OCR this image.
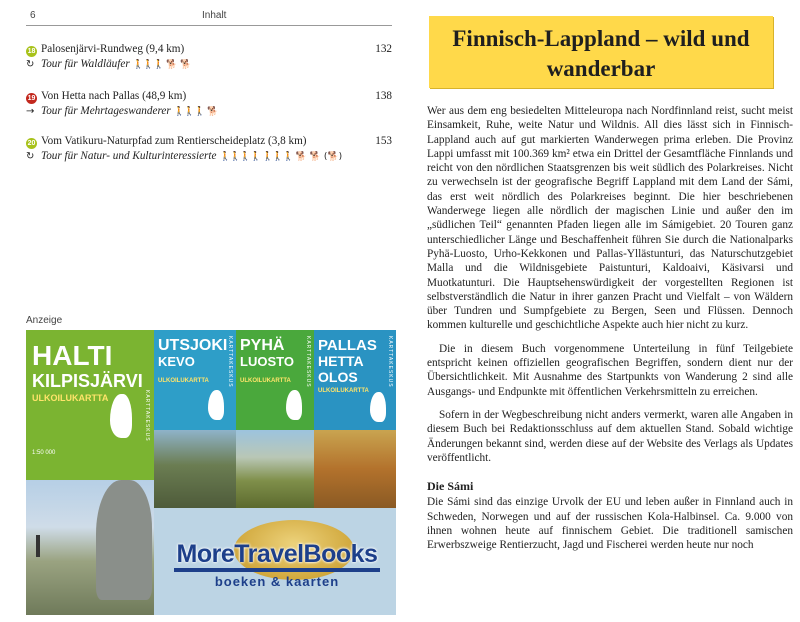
6	Inhalt
18 Palosenjärvi-Rundweg (9,4 km)	132
↻ Tour für Waldläufer 🚶🚶🚶 🐕 🐕
19 Von Hetta nach Pallas (48,9 km)	138
→ Tour für Mehrtageswanderer 🚶🚶🚶 🐕
20 Vom Vatikuru-Naturpfad zum Rentierscheideplatz (3,8 km)	153
↻ Tour für Natur- und Kulturinteressierte 🚶🚶🚶🚶 🚶🚶🚶 🐕 🐕 (🐕)
Anzeige
HALTI
KILPISJÄRVI
ULKOILUKARTTA
1:50 000
KARTTAKESKUS
UTSJOKI
KEVO
ULKOILUKARTTA	KARTTAKESKUS PYHÄ
LUOSTO
ULKOILUKARTTA	KARTTAKESKUS PALLAS
HETTA
OLOS
ULKOILUKARTTA
KARTTAKESKUS
MoreTravelBooks
boeken & kaarten
Finnisch-Lappland – wild und wanderbar

Wer aus dem eng besiedelten Mitteleuropa nach Nordfinnland reist, sucht meist Einsamkeit, Ruhe, weite Natur und Wildnis. All dies lässt sich in Finnisch-Lappland auch auf gut markierten Wanderwegen prima erleben. Die Provinz Lappi umfasst mit 100.369 km² etwa ein Drittel der Gesamtfläche Finnlands und reicht von den nördlichen Staatsgrenzen bis weit südlich des Polarkreises. Nicht zu verwechseln ist der geografische Begriff Lappland mit dem Land der Sámi, das erst weit nördlich des Polarkreises beginnt. Die hier beschriebenen Wanderwege liegen alle nördlich der magischen Linie und außer den im „südlichen Teil“ genannten Pfaden liegen alle im Sámigebiet. 20 Touren ganz unterschiedlicher Länge und Beschaffenheit führen Sie durch die Nationalparks Pyhä-Luosto, Urho-Kekkonen und Pallas-Yllästunturi, das Naturschutzgebiet Malla und die Wildnisgebiete Paistunturi, Kaldoaivi, Käsivarsi und Muotkatunturi. Die Hauptsehenswürdigkeit der vorgestellten Regionen ist selbstverständlich die Natur in ihrer ganzen Pracht und Vielfalt – von Wäldern über Tundren und Sumpfgebiete zu Bergen, Seen und Flüssen. Dennoch kommen kulturelle und geschichtliche Aspekte auch hier nicht zu kurz.

Die in diesem Buch vorgenommene Unterteilung in fünf Teilgebiete entspricht keinen offiziellen geografischen Begriffen, sondern dient nur der Übersichtlichkeit. Mit Ausnahme des Startpunkts von Wanderung 2 sind alle Ausgangs- und Endpunkte mit öffentlichen Verkehrsmitteln zu erreichen.

Sofern in der Wegbeschreibung nicht anders vermerkt, waren alle Angaben in diesem Buch bei Redaktionsschluss auf dem aktuellen Stand. Sobald wichtige Änderungen bekannt sind, werden diese auf der Website des Verlags als Updates veröffentlicht.

Die Sámi

Die Sámi sind das einzige Urvolk der EU und leben außer in Finnland auch in Schweden, Norwegen und auf der russischen Kola-Halbinsel. Ca. 9.000 von ihnen wohnen heute auf finnischem Gebiet. Die traditionell samischen Erwerbszweige Rentierzucht, Jagd und Fischerei werden heute nur noch
